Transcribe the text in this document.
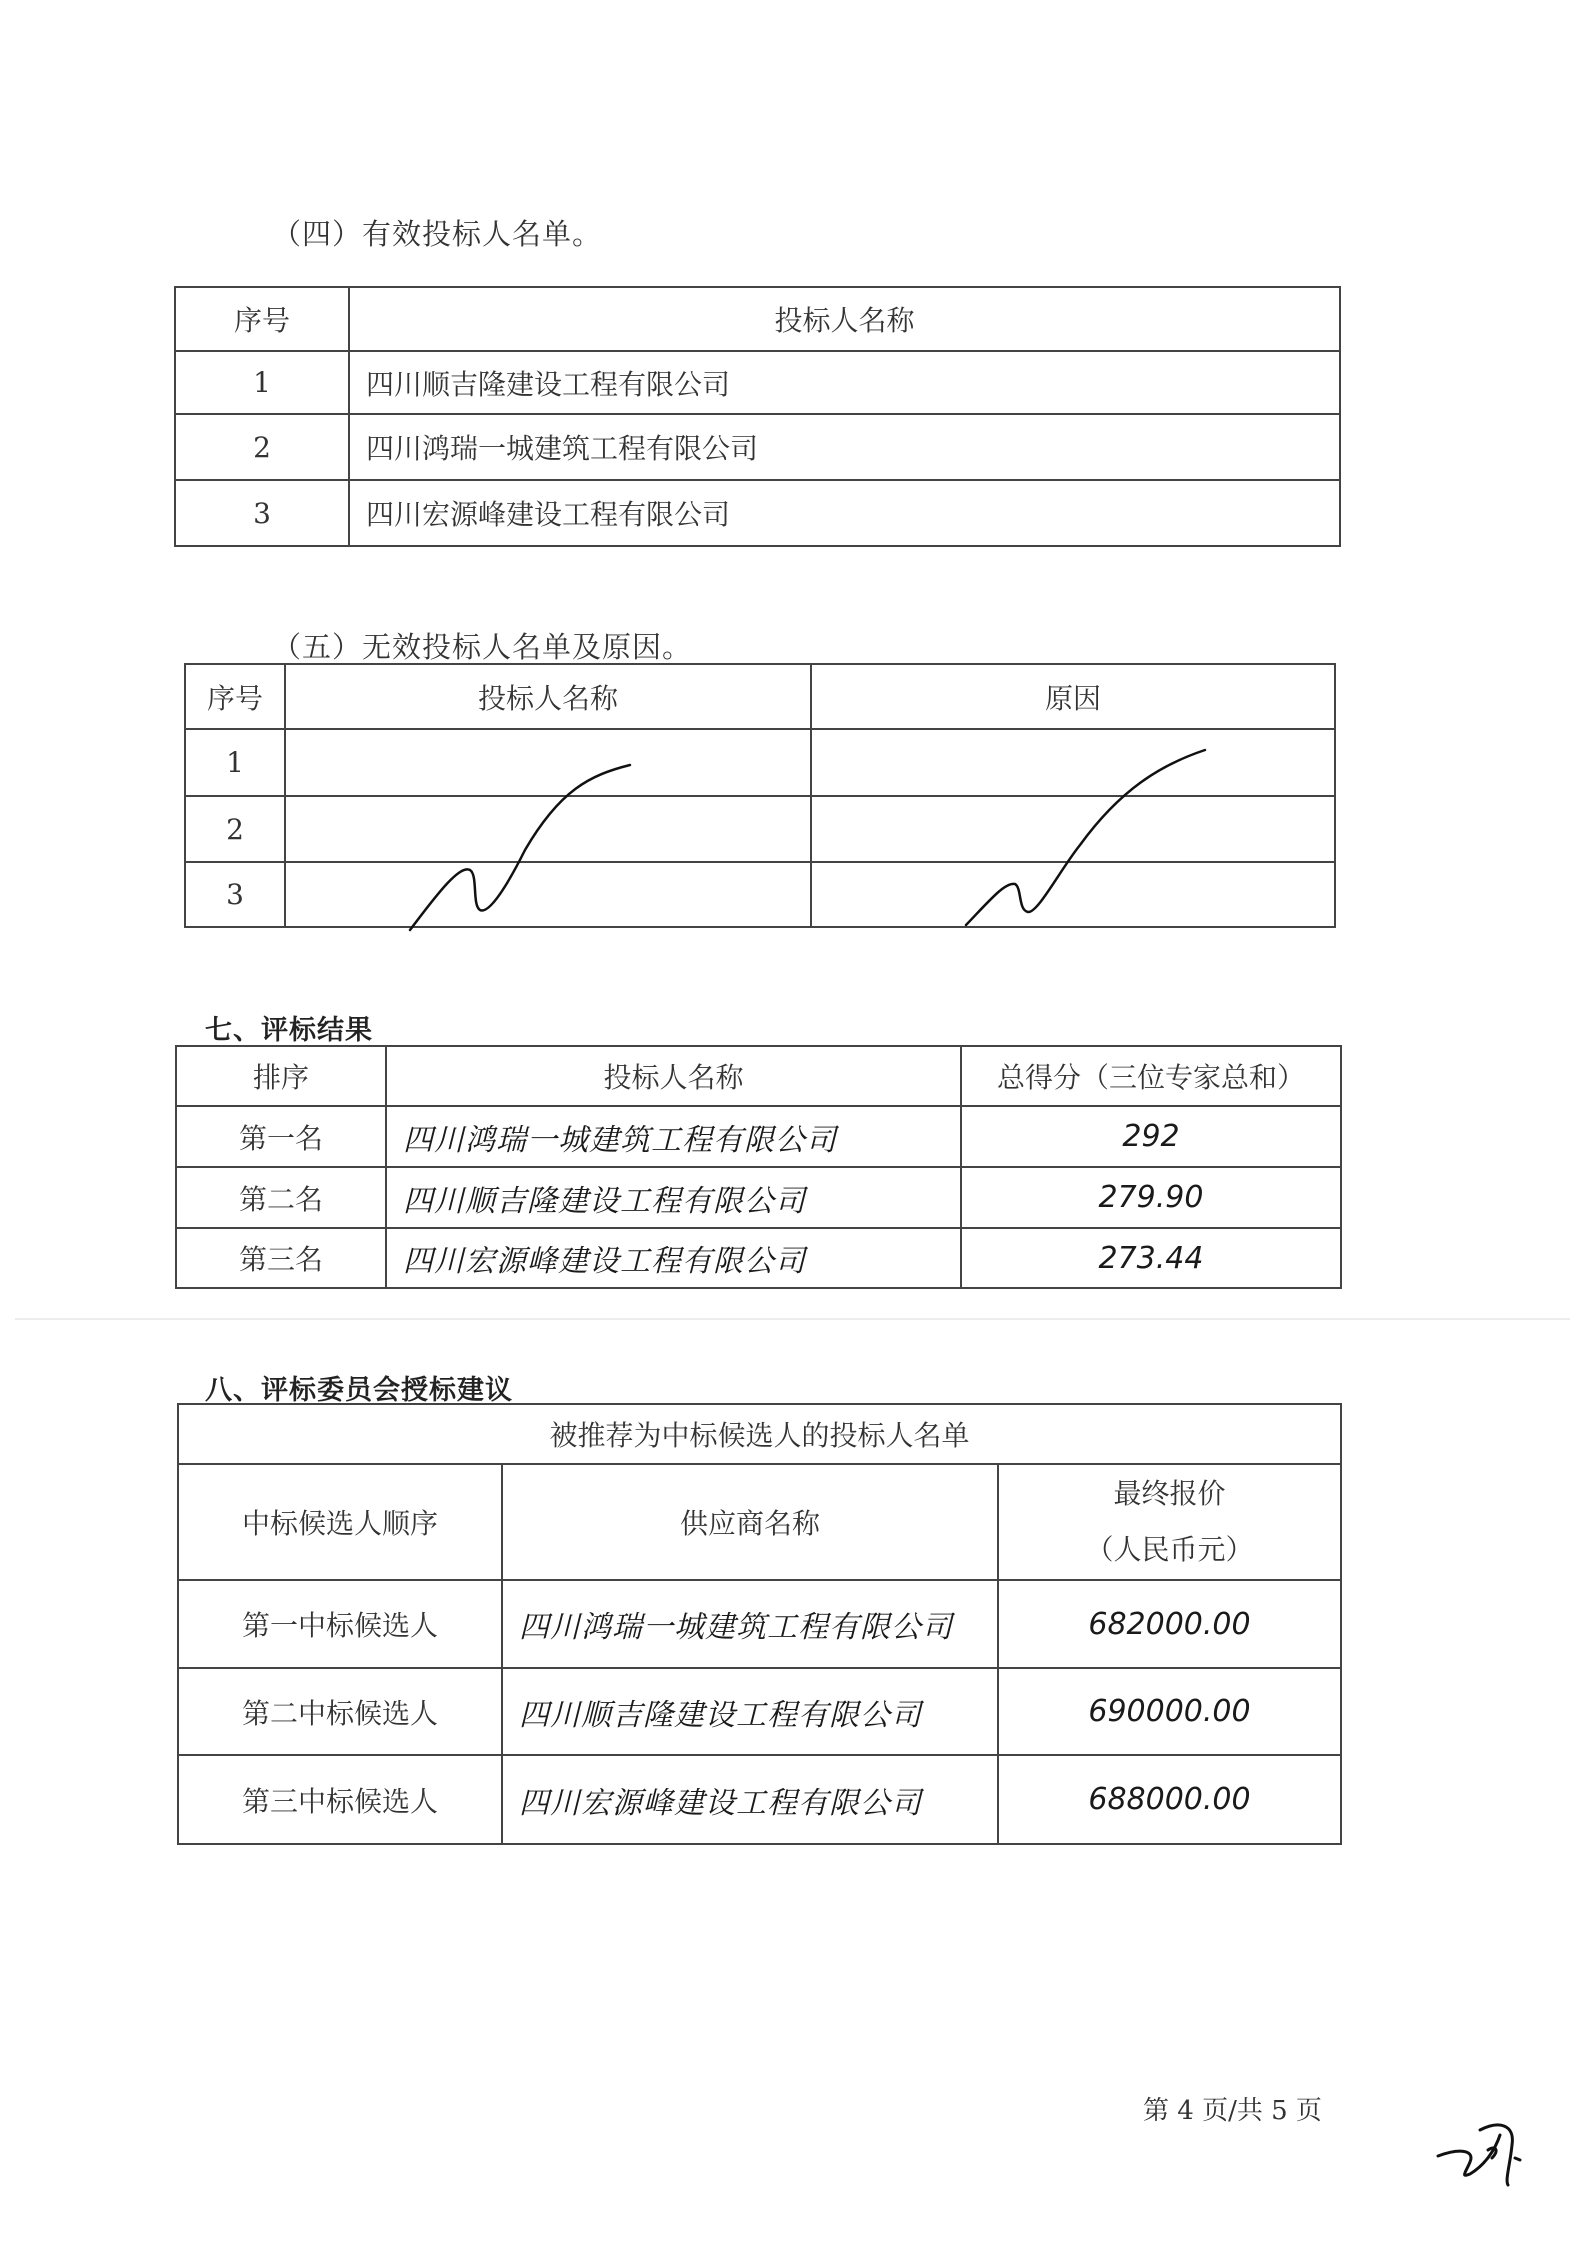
（四）有效投标人名单。
序号	投标人名称
1	四川顺吉隆建设工程有限公司
2	四川鸿瑞一城建筑工程有限公司
3	四川宏源峰建设工程有限公司
（五）无效投标人名单及原因。
序号	投标人名称	原因
1		
2		
3		
七、评标结果
排序	投标人名称	总得分（三位专家总和）
第一名	四川鸿瑞一城建筑工程有限公司	292
第二名	四川顺吉隆建设工程有限公司	279.90
第三名	四川宏源峰建设工程有限公司	273.44
八、评标委员会授标建议
被推荐为中标候选人的投标人名单		
中标候选人顺序	供应商名称	最终报价
（人民币元）

第一中标候选人	四川鸿瑞一城建筑工程有限公司	682000.00
第二中标候选人	四川顺吉隆建设工程有限公司	690000.00
第三中标候选人	四川宏源峰建设工程有限公司	688000.00
第 4 页/共 5 页
